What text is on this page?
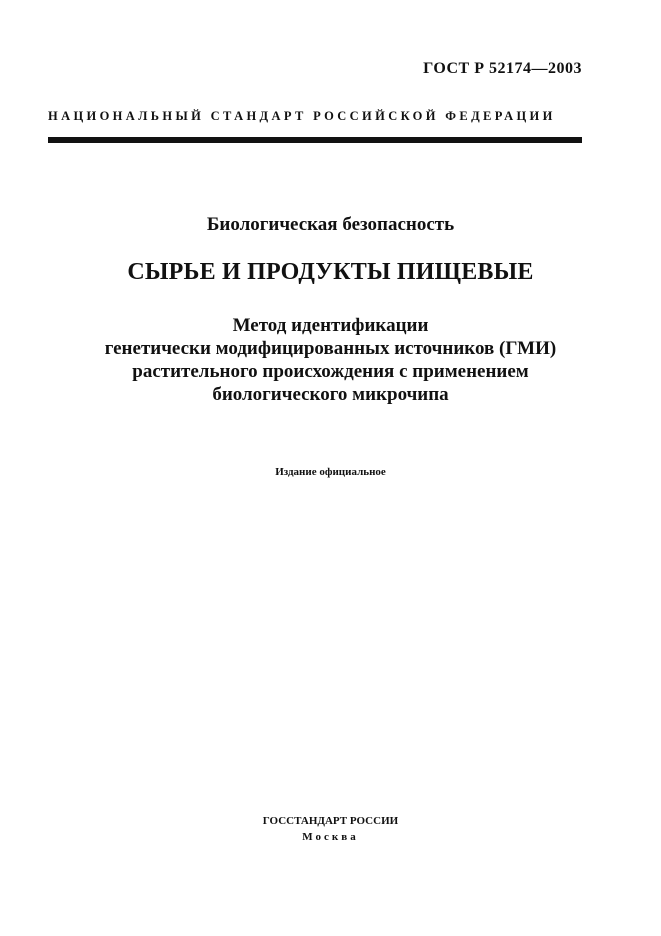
ГОСТ Р 52174—2003
НАЦИОНАЛЬНЫЙ СТАНДАРТ РОССИЙСКОЙ ФЕДЕРАЦИИ
Биологическая безопасность
СЫРЬЕ И ПРОДУКТЫ ПИЩЕВЫЕ
Метод идентификации
генетически модифицированных источников (ГМИ)
растительного происхождения с применением
биологического микрочипа
Издание официальное
ГОССТАНДАРТ РОССИИ
Москва
